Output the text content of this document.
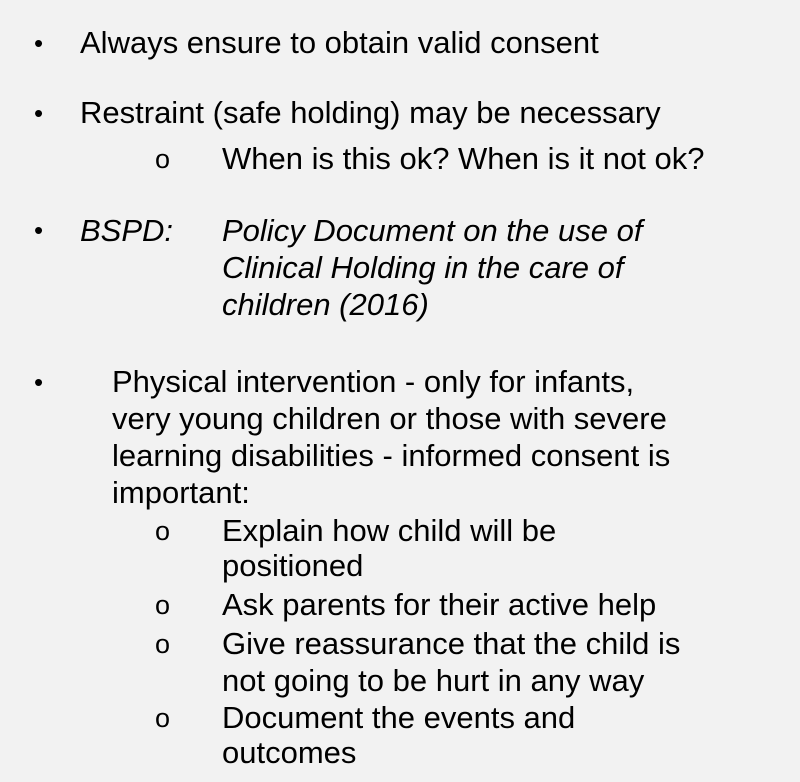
• Always ensure to obtain valid consent
• Restraint (safe holding) may be necessary
o When is this ok? When is it not ok?
• BSPD: Policy Document on the use of
Clinical Holding in the care of
children (2016)
• Physical intervention - only for infants,
very young children or those with severe
learning disabilities - informed consent is
important:
o Explain how child will be
positioned
o Ask parents for their active help
o Give reassurance that the child is
not going to be hurt in any way
o Document the events and
outcomes
